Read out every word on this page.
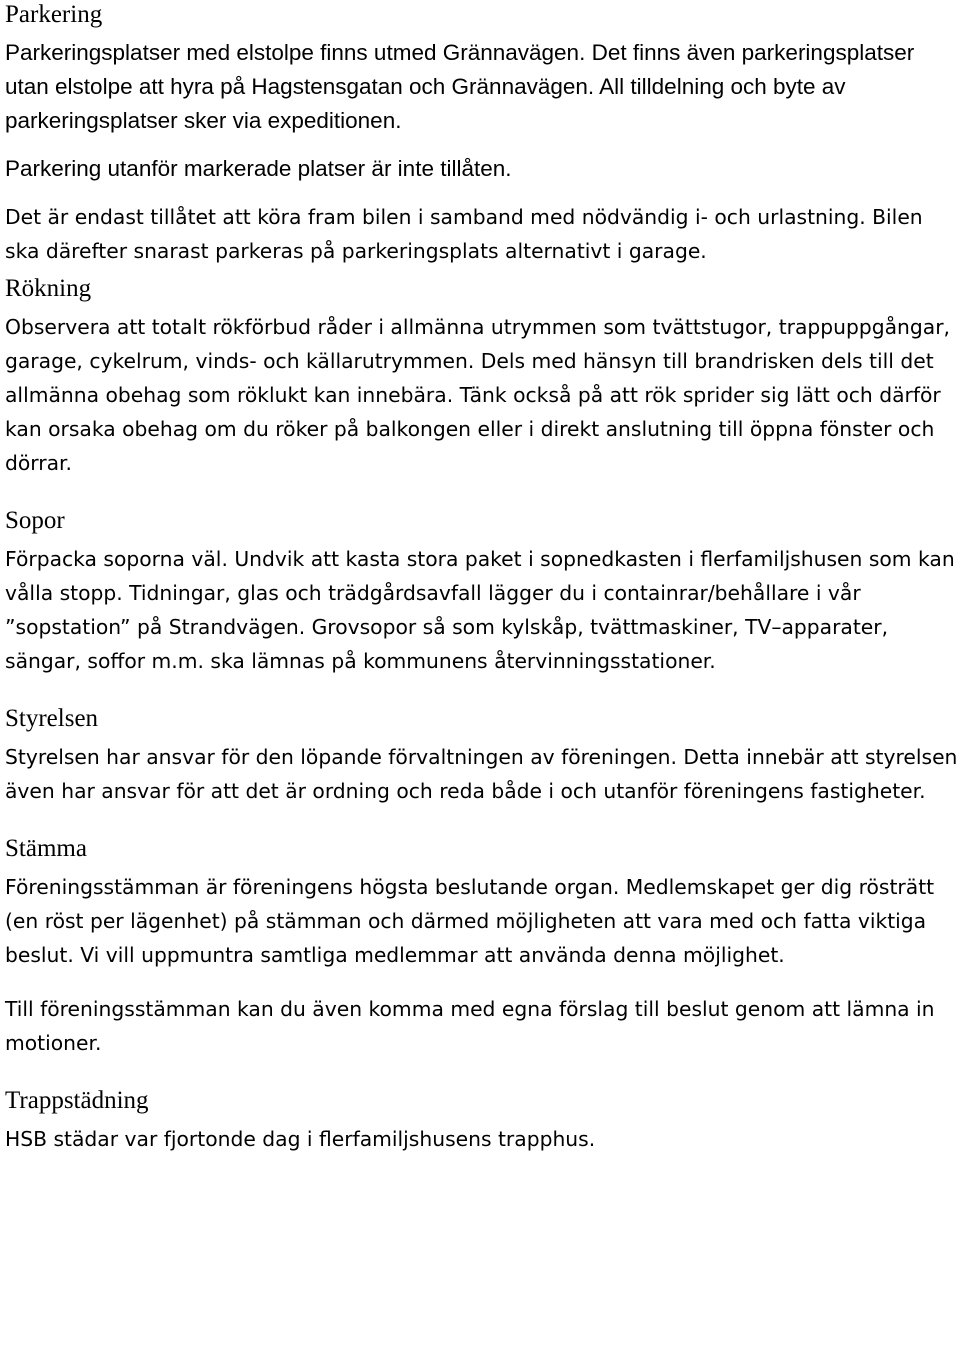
Parkering

Parkeringsplatser med elstolpe finns utmed Grännavägen. Det finns även parkeringsplatser utan elstolpe att hyra på Hagstensgatan och Grännavägen. All tilldelning och byte av parkeringsplatser sker via expeditionen.

Parkering utanför markerade platser är inte tillåten.

Det är endast tillåtet att köra fram bilen i samband med nödvändig i- och urlastning. Bilen ska därefter snarast parkeras på parkeringsplats alternativt i garage.

Rökning

Observera att totalt rökförbud råder i allmänna utrymmen som tvättstugor, trappuppgångar, garage, cykelrum, vinds- och källarutrymmen. Dels med hänsyn till brandrisken dels till det allmänna obehag som röklukt kan innebära. Tänk också på att rök sprider sig lätt och därför kan orsaka obehag om du röker på balkongen eller i direkt anslutning till öppna fönster och dörrar.

Sopor

Förpacka soporna väl. Undvik att kasta stora paket i sopnedkasten i flerfamiljshusen som kan vålla stopp. Tidningar, glas och trädgårdsavfall lägger du i containrar/behållare i vår ”sopstation” på Strandvägen. Grovsopor så som kylskåp, tvättmaskiner, TV–apparater, sängar, soffor m.m. ska lämnas på kommunens återvinningsstationer.

Styrelsen

Styrelsen har ansvar för den löpande förvaltningen av föreningen. Detta innebär att styrelsen även har ansvar för att det är ordning och reda både i och utanför föreningens fastigheter.

Stämma

Föreningsstämman är föreningens högsta beslutande organ. Medlemskapet ger dig rösträtt (en röst per lägenhet) på stämman och därmed möjligheten att vara med och fatta viktiga beslut. Vi vill uppmuntra samtliga medlemmar att använda denna möjlighet.

Till föreningsstämman kan du även komma med egna förslag till beslut genom att lämna in motioner.

Trappstädning

HSB städar var fjortonde dag i flerfamiljshusens trapphus.
